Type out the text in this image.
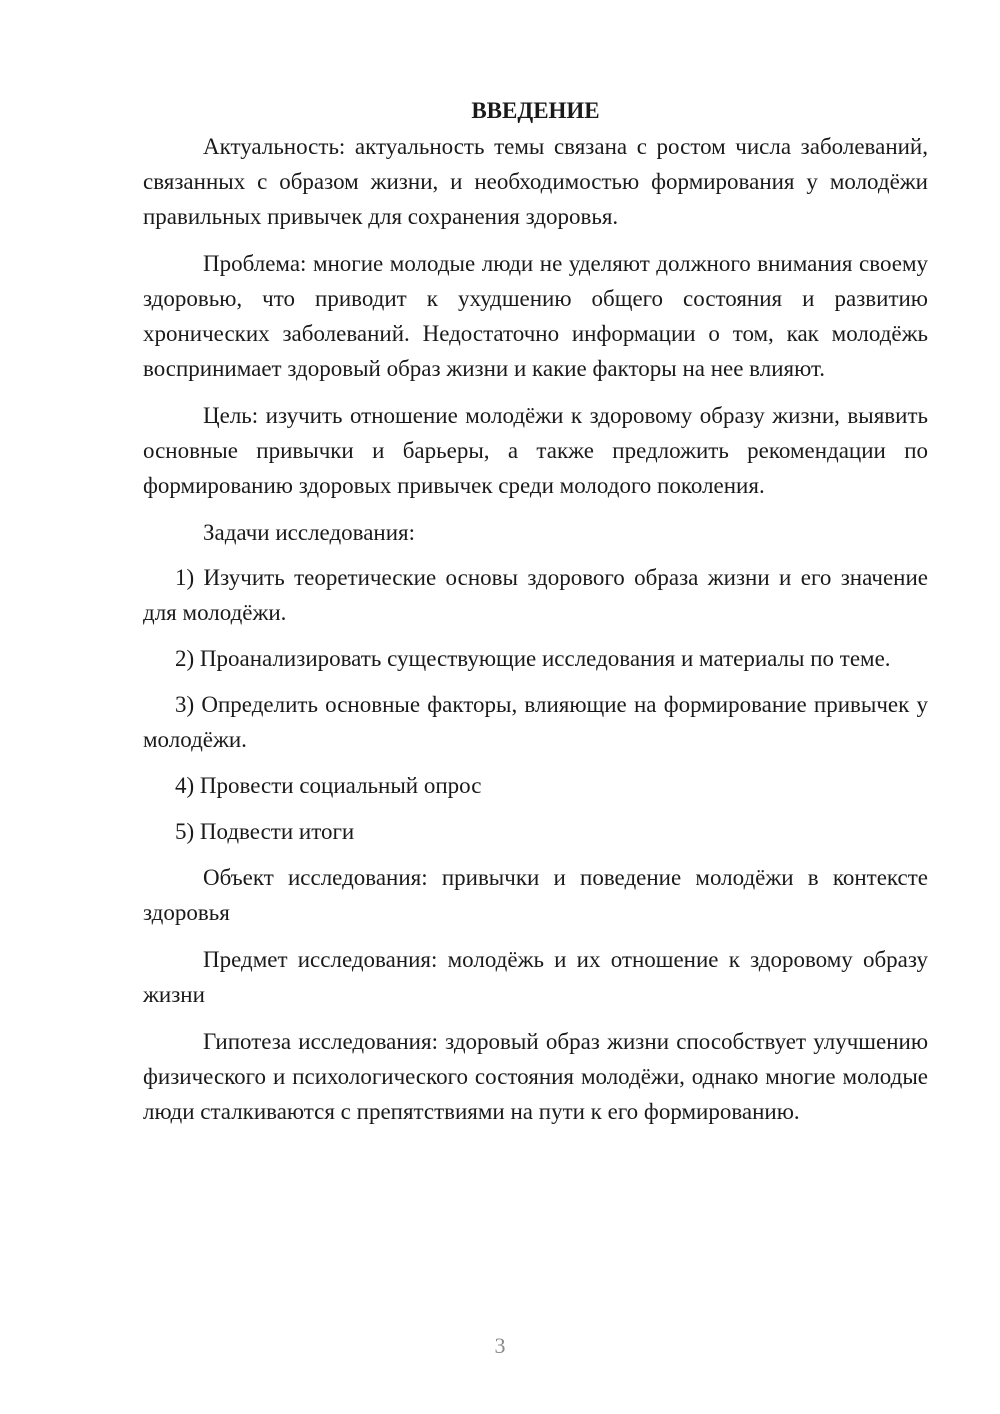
ВВЕДЕНИЕ

Актуальность: актуальность темы связана с ростом числа заболеваний, связанных с образом жизни, и необходимостью формирования у молодёжи правильных привычек для сохранения здоровья.

Проблема: многие молодые люди не уделяют должного внимания своему здоровью, что приводит к ухудшению общего состояния и развитию хронических заболеваний. Недостаточно информации о том, как молодёжь воспринимает здоровый образ жизни и какие факторы на нее влияют.

Цель: изучить отношение молодёжи к здоровому образу жизни, выявить основные привычки и барьеры, а также предложить рекомендации по формированию здоровых привычек среди молодого поколения.

Задачи исследования:

1) Изучить теоретические основы здорового образа жизни и его значение для молодёжи.

2) Проанализировать существующие исследования и материалы по теме.

3) Определить основные факторы, влияющие на формирование привычек у молодёжи.

4) Провести социальный опрос

5) Подвести итоги

Объект исследования: привычки и поведение молодёжи в контексте здоровья

Предмет исследования: молодёжь и их отношение к здоровому образу жизни

Гипотеза исследования: здоровый образ жизни способствует улучшению физического и психологического состояния молодёжи, однако многие молодые люди сталкиваются с препятствиями на пути к его формированию.

3
